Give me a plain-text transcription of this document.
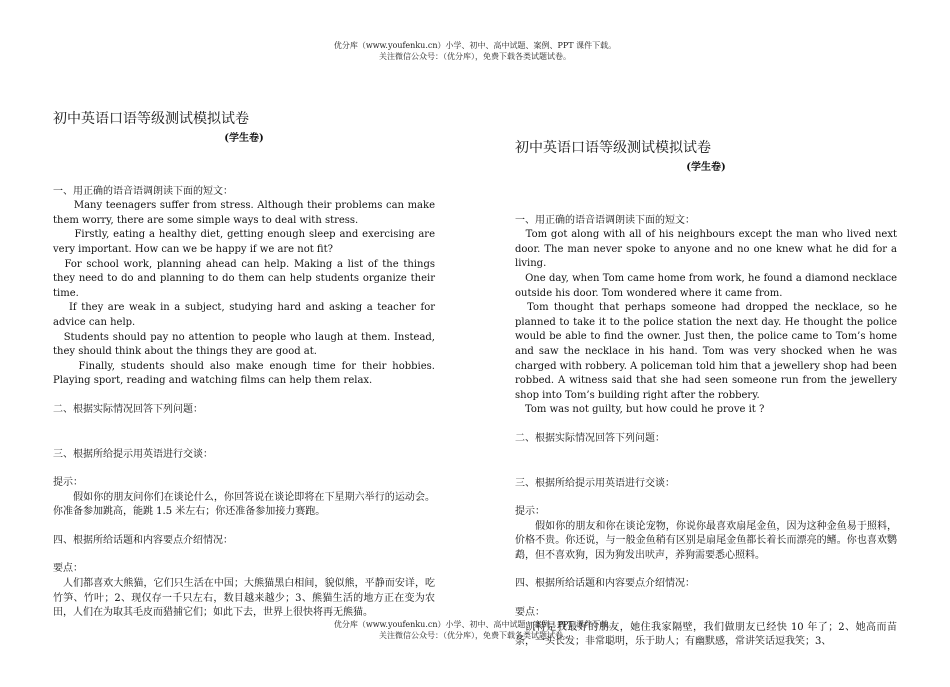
优分库（www.youfenku.cn）小学、初中、高中试题、案例、PPT 课件下载。
关注微信公众号：（优分库），免费下载各类试题试卷。
初中英语口语等级测试模拟试卷
(学生卷)
一、用正确的语音语调朗读下面的短文：
　　Many teenagers suffer from stress. Although their problems can make them worry, there are some simple ways to deal with stress.
　　Firstly, eating a healthy diet, getting enough sleep and exercising are very important. How can we be happy if we are not fit?
　For school work, planning ahead can help. Making a list of the things they need to do and planning to do them can help students organize their time.
　 If they are weak in a subject, studying hard and asking a teacher for advice can help.
　Students should pay no attention to people who laugh at them. Instead, they should think about the things they are good at.
　　Finally, students should also make enough time for their hobbies. Playing sport, reading and watching films can help them relax.
二、根据实际情况回答下列问题：
三、根据所给提示用英语进行交谈：
提示：
　　假如你的朋友问你们在谈论什么，你回答说在谈论即将在下星期六举行的运动会。你准备参加跳高，能跳 1.5 米左右；你还准备参加接力赛跑。
四、根据所给话题和内容要点介绍情况：
要点：
　人们都喜欢大熊猫，它们只生活在中国；大熊猫黑白相间，貌似熊，平静而安详，吃竹笋、竹叶；2、现仅存一千只左右，数目越来越少；3、熊猫生活的地方正在变为农田，人们在为取其毛皮而猎捕它们；如此下去，世界上很快将再无熊猫。
初中英语口语等级测试模拟试卷
(学生卷)
一、用正确的语音语调朗读下面的短文：
　Tom got along with all of his neighbours except the man who lived next door. The man never spoke to anyone and no one knew what he did for a living.
　One day, when Tom came home from work, he found a diamond necklace outside his door. Tom wondered where it came from.
　Tom thought that perhaps someone had dropped the necklace, so he planned to take it to the police station the next day. He thought the police would be able to find the owner. Just then, the police came to Tom’s home and saw the necklace in his hand. Tom was very shocked when he was charged with robbery. A policeman told him that a jewellery shop had been robbed. A witness said that she had seen someone run from the jewellery shop into Tom’s building right after the robbery.
　Tom was not guilty, but how could he prove it ?
二、根据实际情况回答下列问题：
三、根据所给提示用英语进行交谈：
提示：
　　假如你的朋友和你在谈论宠物，你说你最喜欢扇尾金鱼，因为这种金鱼易于照料，价格不贵。你还说，与一般金鱼稍有区别是扇尾金鱼都长着长而漂亮的鳍。你也喜欢鹦鹉，但不喜欢狗，因为狗发出吠声，养狗需要悉心照料。
四、根据所给话题和内容要点介绍情况：
要点：
　凯特是我最好的朋友，她住我家隔壁，我们做朋友已经快 10 年了；2、她高而苗条，一头长发；非常聪明，乐于助人；有幽默感，常讲笑话逗我笑；3、
优分库（www.youfenku.cn）小学、初中、高中试题、案例、PPT 课件下载。
关注微信公众号：（优分库），免费下载各类试题试卷。
